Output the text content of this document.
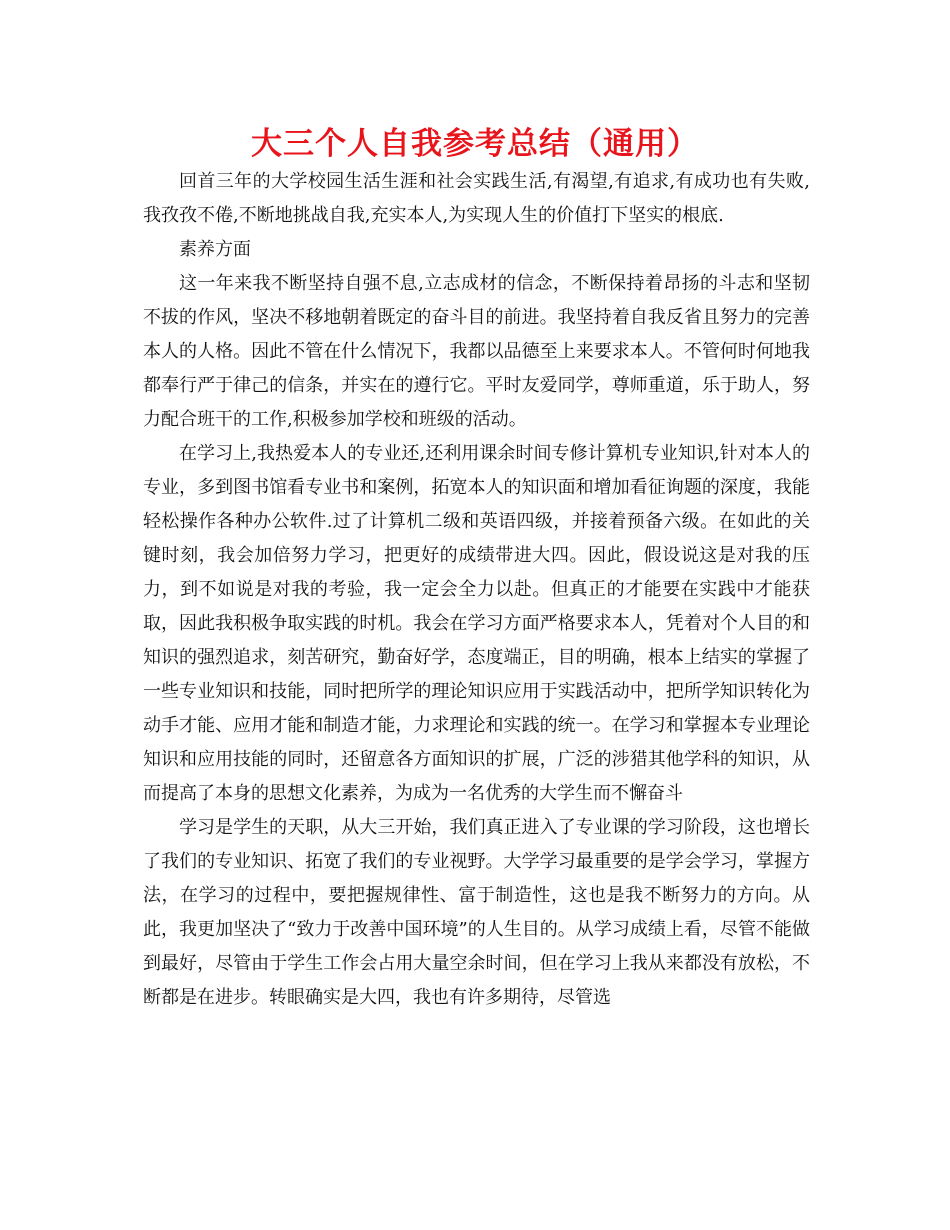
大三个人自我参考总结（通用）

回首三年的大学校园生活生涯和社会实践生活,有渴望,有追求,有成功也有失败,我孜孜不倦,不断地挑战自我,充实本人,为实现人生的价值打下坚实的根底.

素养方面

这一年来我不断坚持自强不息,立志成材的信念，不断保持着昂扬的斗志和坚韧不拔的作风，坚决不移地朝着既定的奋斗目的前进。我坚持着自我反省且努力的完善本人的人格。因此不管在什么情况下，我都以品德至上来要求本人。不管何时何地我都奉行严于律己的信条，并实在的遵行它。平时友爱同学，尊师重道，乐于助人，努力配合班干的工作,积极参加学校和班级的活动。

在学习上,我热爱本人的专业还,还利用课余时间专修计算机专业知识,针对本人的专业，多到图书馆看专业书和案例，拓宽本人的知识面和增加看征询题的深度，我能轻松操作各种办公软件.过了计算机二级和英语四级，并接着预备六级。在如此的关键时刻，我会加倍努力学习，把更好的成绩带进大四。因此，假设说这是对我的压力，到不如说是对我的考验，我一定会全力以赴。但真正的才能要在实践中才能获取，因此我积极争取实践的时机。我会在学习方面严格要求本人，凭着对个人目的和知识的强烈追求，刻苦研究，勤奋好学，态度端正，目的明确，根本上结实的掌握了一些专业知识和技能，同时把所学的理论知识应用于实践活动中，把所学知识转化为动手才能、应用才能和制造才能，力求理论和实践的统一。在学习和掌握本专业理论知识和应用技能的同时，还留意各方面知识的扩展，广泛的涉猎其他学科的知识，从而提高了本身的思想文化素养，为成为一名优秀的大学生而不懈奋斗

学习是学生的天职，从大三开始，我们真正进入了专业课的学习阶段，这也增长了我们的专业知识、拓宽了我们的专业视野。大学学习最重要的是学会学习，掌握方法，在学习的过程中，要把握规律性、富于制造性，这也是我不断努力的方向。从此，我更加坚决了“致力于改善中国环境”的人生目的。从学习成绩上看，尽管不能做到最好，尽管由于学生工作会占用大量空余时间，但在学习上我从来都没有放松，不断都是在进步。转眼确实是大四，我也有许多期待，尽管选
